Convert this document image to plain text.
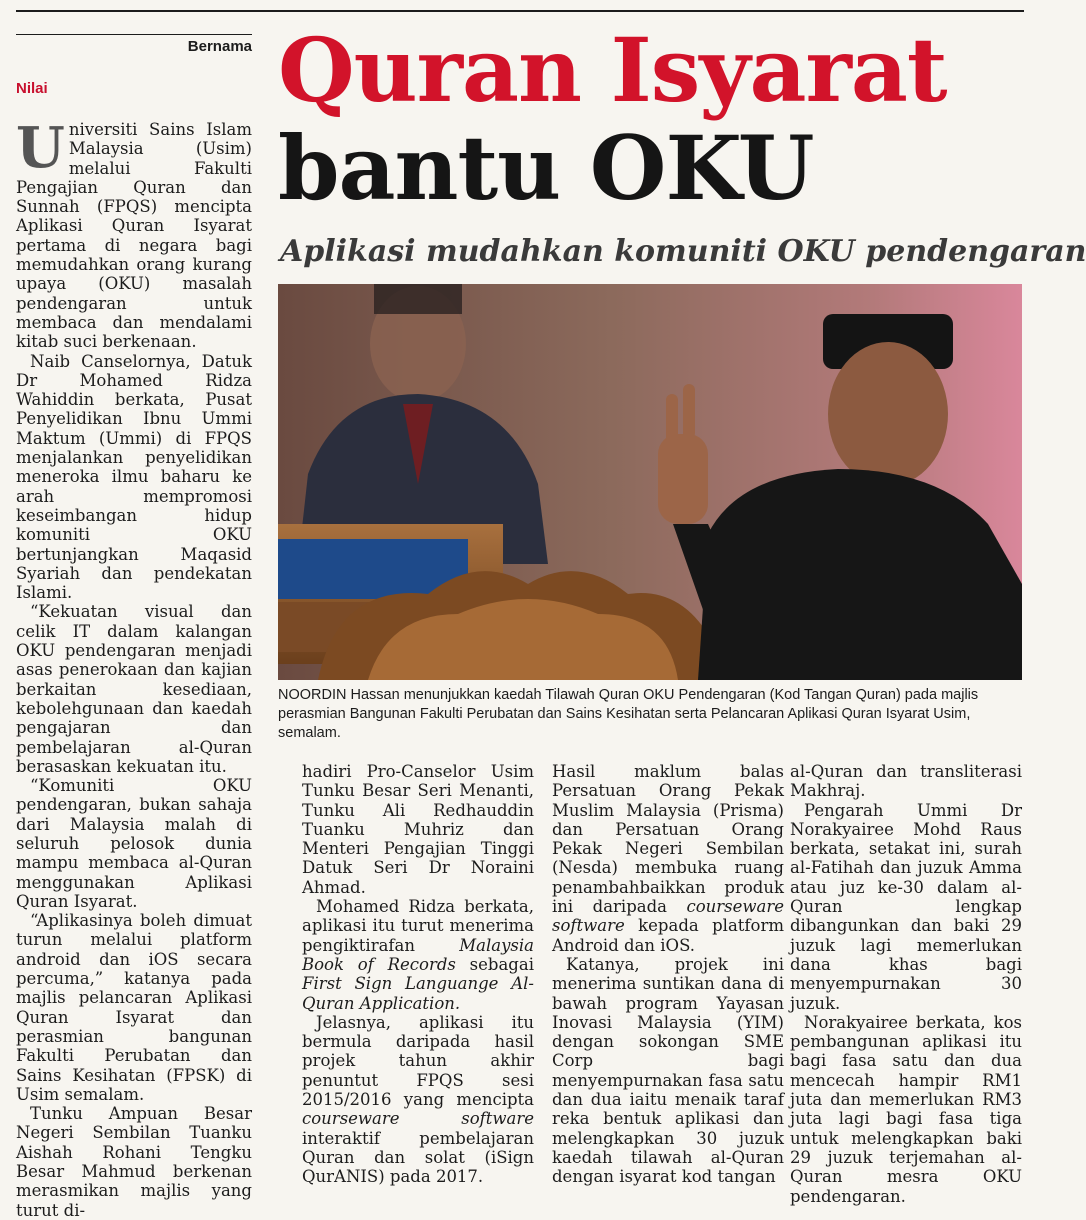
Bernama
Nilai	Quran Isyarat
bantu OKU
Aplikasi mudahkan komuniti OKU pendengaran

Universiti Sains Islam Malaysia (Usim) melalui Fakulti Pengajian Quran dan Sunnah (FPQS) mencipta Aplikasi Quran Isyarat pertama di negara bagi memudahkan orang kurang upaya (OKU) masalah pendengaran untuk membaca dan mendalami kitab suci berkenaan.

Naib Canselornya, Datuk Dr Mohamed Ridza Wahiddin berkata, Pusat Penyelidikan Ibnu Ummi Maktum (Ummi) di FPQS menjalankan penyelidikan meneroka ilmu baharu ke arah mempromosi keseimbangan hidup komuniti OKU bertunjangkan Maqasid Syariah dan pendekatan Islami.

“Kekuatan visual dan celik IT dalam kalangan OKU pendengaran menjadi asas penerokaan dan kajian berkaitan kesediaan, kebolehgunaan dan kaedah pengajaran dan pembelajaran al-Quran berasaskan kekuatan itu.

“Komuniti OKU pendengaran, bukan sahaja dari Malaysia malah di seluruh pelosok dunia mampu membaca al-Quran menggunakan Aplikasi Quran Isyarat.

“Aplikasinya boleh dimuat turun melalui platform android dan iOS secara percuma,” katanya pada majlis pelancaran Aplikasi Quran Isyarat dan perasmian bangunan Fakulti Perubatan dan Sains Kesihatan (FPSK) di Usim semalam.

Tunku Ampuan Besar Negeri Sembilan Tuanku Aishah Rohani Tengku Besar Mahmud berkenan merasmikan majlis yang turut di-

NOORDIN Hassan menunjukkan kaedah Tilawah Quran OKU Pendengaran (Kod Tangan Quran) pada majlis perasmian Bangunan Fakulti Perubatan dan Sains Kesihatan serta Pelancaran Aplikasi Quran Isyarat Usim, semalam.

hadiri Pro-Canselor Usim Tunku Besar Seri Menanti, Tunku Ali Redhauddin Tuanku Muhriz dan Menteri Pengajian Tinggi Datuk Seri Dr Noraini Ahmad.

Mohamed Ridza berkata, aplikasi itu turut menerima pengiktirafan Malaysia Book of Records sebagai First Sign Languange Al-Quran Application.

Jelasnya, aplikasi itu bermula daripada hasil projek tahun akhir penuntut FPQS sesi 2015/2016 yang mencipta courseware software interaktif pembelajaran Quran dan solat (iSign QurANIS) pada 2017.

Hasil maklum balas Persatuan Orang Pekak Muslim Malaysia (Prisma) dan Persatuan Orang Pekak Negeri Sembilan (Nesda) membuka ruang penambahbaikkan produk ini daripada courseware software kepada platform Android dan iOS.

Katanya, projek ini menerima suntikan dana di bawah program Yayasan Inovasi Malaysia (YIM) dengan sokongan SME Corp bagi menyempurnakan fasa satu dan dua iaitu menaik taraf reka bentuk aplikasi dan melengkapkan 30 juzuk kaedah tilawah al-Quran dengan isyarat kod tangan

al-Quran dan transliterasi Makhraj.

Pengarah Ummi Dr Norakyairee Mohd Raus berkata, setakat ini, surah al-Fatihah dan juzuk Amma atau juz ke-30 dalam al-Quran lengkap dibangunkan dan baki 29 juzuk lagi memerlukan dana khas bagi menyempurnakan 30 juzuk.

Norakyairee berkata, kos pembangunan aplikasi itu bagi fasa satu dan dua mencecah hampir RM1 juta dan memerlukan RM3 juta lagi bagi fasa tiga untuk melengkapkan baki 29 juzuk terjemahan al-Quran mesra OKU pendengaran.
